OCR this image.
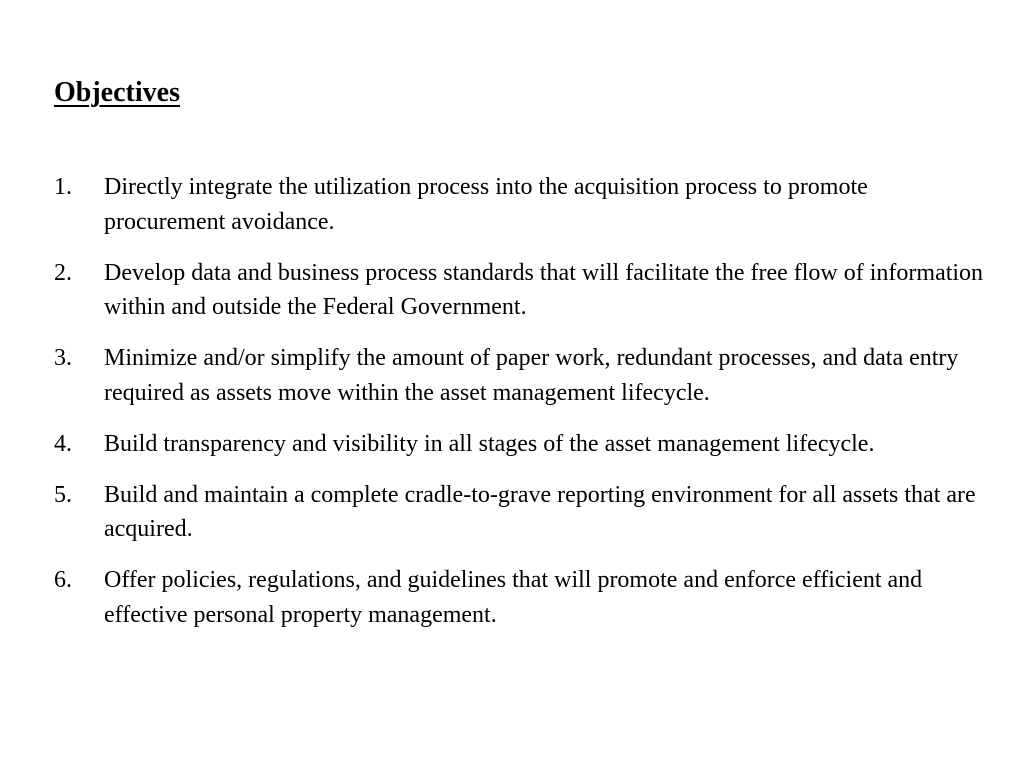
Objectives
1. Directly integrate the utilization process into the acquisition process to promote procurement avoidance.
2. Develop data and business process standards that will facilitate the free flow of information within and outside the Federal Government.
3. Minimize and/or simplify the amount of paper work, redundant processes, and data entry required as assets move within the asset management lifecycle.
4. Build transparency and visibility in all stages of the asset management lifecycle.
5. Build and maintain a complete cradle-to-grave reporting environment for all assets that are acquired.
6. Offer policies, regulations, and guidelines that will promote and enforce efficient and effective personal property management.
